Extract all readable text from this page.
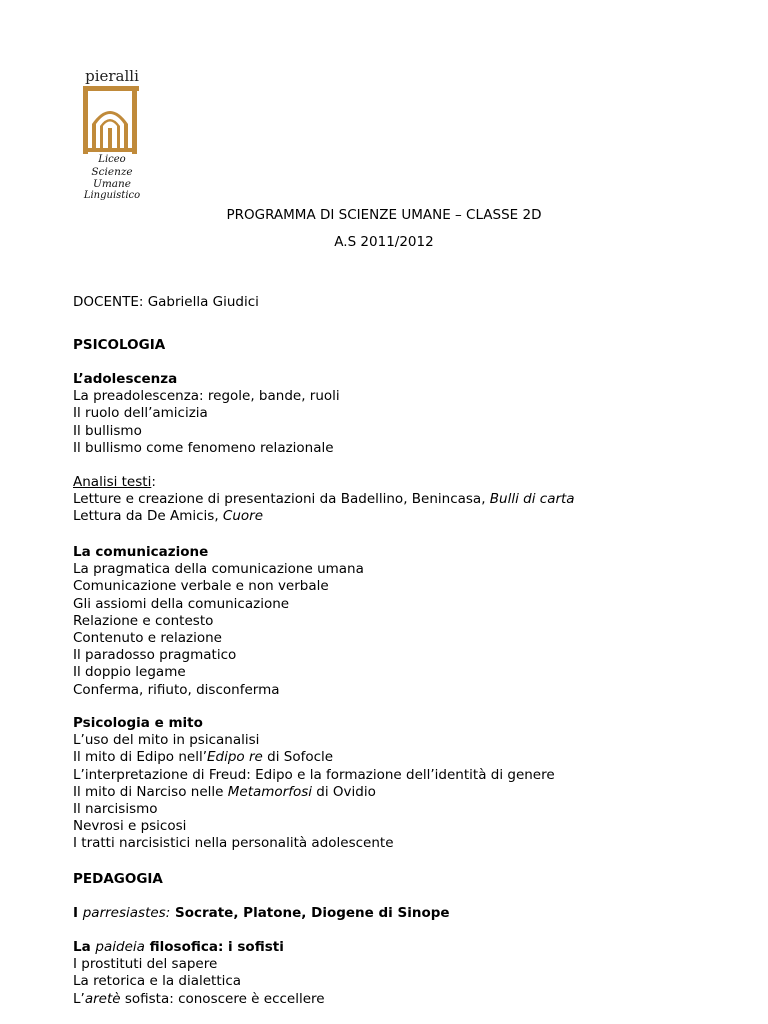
pieralli
Liceo
Scienze Umane
Linguistico
PROGRAMMA DI SCIENZE UMANE – CLASSE 2D
A.S 2011/2012
DOCENTE: Gabriella Giudici
PSICOLOGIA
L’adolescenza
La preadolescenza: regole, bande, ruoli
Il ruolo dell’amicizia
Il bullismo
Il bullismo come fenomeno relazionale
Analisi testi:
Letture e creazione di presentazioni da Badellino, Benincasa, Bulli di carta
Lettura da De Amicis, Cuore
La comunicazione
La pragmatica della comunicazione umana
Comunicazione verbale e non verbale
Gli assiomi della comunicazione
Relazione e contesto
Contenuto e relazione
Il paradosso pragmatico
Il doppio legame
Conferma, rifiuto, disconferma
Psicologia e mito
L’uso del mito in psicanalisi
Il mito di Edipo nell’Edipo re di Sofocle
L’interpretazione di Freud: Edipo e la formazione dell’identità di genere
Il mito di Narciso nelle Metamorfosi di Ovidio
Il narcisismo
Nevrosi e psicosi
I tratti narcisistici nella personalità adolescente
PEDAGOGIA
I parresiastes: Socrate, Platone, Diogene di Sinope
La paideia filosofica: i sofisti
I prostituti del sapere
La retorica e la dialettica
L’aretè sofista: conoscere è eccellere
